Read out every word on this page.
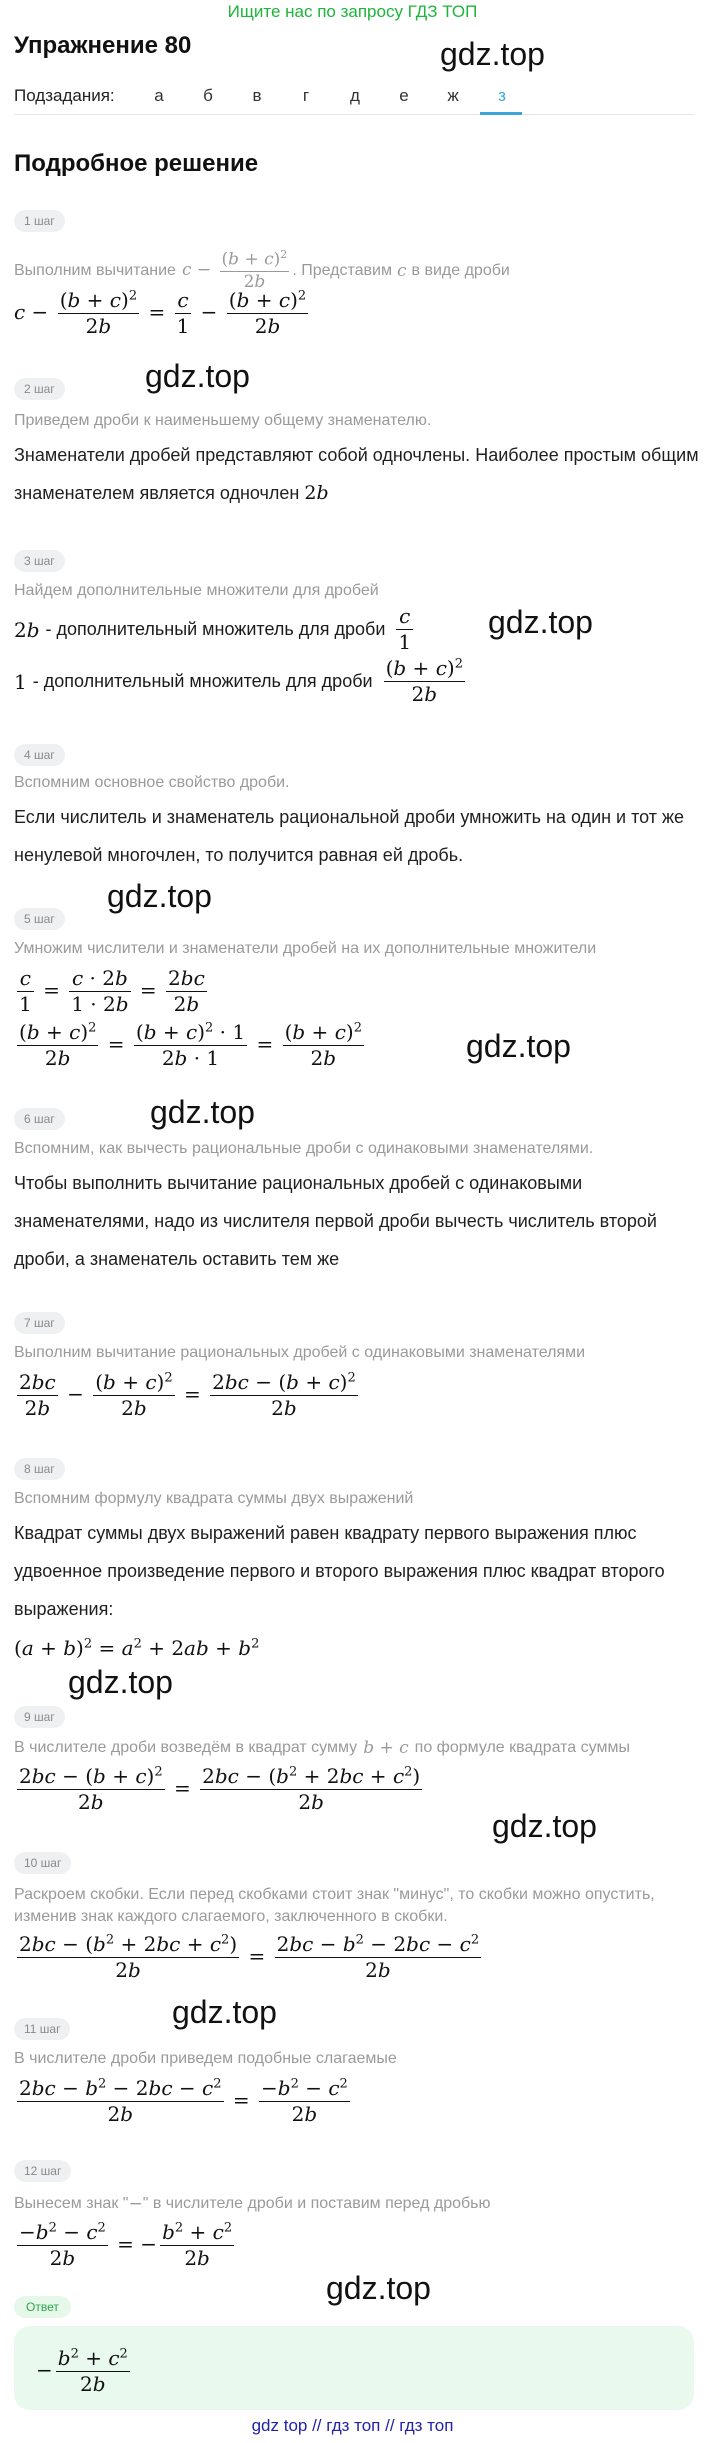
Ищите нас по запросу ГДЗ ТОП
Упражнение 80	gdz.top
Подзадания:	а	б	в	г	д	е	ж	з
Подробное решение
1 шаг
Выполним вычитание $c - \frac{(b + c)^2}{2b}$ . Представим c в виде дроби
$c - \frac{(b + c)^2}{2b} = \frac{c}{1} - \frac{(b + c)^2}{2b}$
gdz.top
2 шаг
Приведем дроби к наименьшему общему знаменателю.
Знаменатели дробей представляют собой одночлены. Наиболее простым общим знаменателем является одночлен 2b
3 шаг
Найдем дополнительные множители для дробей
2b - дополнительный множитель для дроби $\frac{c}{1} gdz.top$
1 - дополнительный множитель для дроби $\frac{(b + c)^2}{2b}$
4 шаг
Вспомним основное свойство дроби.
Если числитель и знаменатель рациональной дроби умножить на один и тот же ненулевой многочлен, то получится равная ей дробь.
gdz.top
5 шаг
Умножим числители и знаменатели дробей на их дополнительные множители
$\frac{c}{1} = \frac{c \cdot 2b}{1 \cdot 2b} = \frac{2bc}{2b}$
$\frac{(b + c)^2}{2b} = \frac{(b + c)^2 \cdot 1}{2b \cdot 1} = \frac{(b + c)^2}{2b}$	gdz.top
gdz.top
6 шаг
Вспомним, как вычесть рациональные дроби с одинаковыми знаменателями.
Чтобы выполнить вычитание рациональных дробей с одинаковыми знаменателями, надо из числителя первой дроби вычесть числитель второй дроби, а знаменатель оставить тем же
7 шаг
Выполним вычитание рациональных дробей с одинаковыми знаменателями
$\frac{2bc}{2b} - \frac{(b + c)^2}{2b} = \frac{2bc - (b + c)^2}{2b}$
8 шаг
Вспомним формулу квадрата суммы двух выражений
Квадрат суммы двух выражений равен квадрату первого выражения плюс удвоенное произведение первого и второго выражения плюс квадрат второго выражения:
$(a + b)^2 = a^2 + 2ab + b^2$
gdz.top
9 шаг
В числителе дроби возведём в квадрат сумму b + c по формуле квадрата суммы
$\frac{2bc - (b + c)^2}{2b} = \frac{2bc - (b^2 + 2bc + c^2)}{2b}$
gdz.top
10 шаг
Раскроем скобки. Если перед скобками стоит знак "минус", то скобки можно опустить, изменив знак каждого слагаемого, заключенного в скобки.
$\frac{2bc - (b^2 + 2bc + c^2)}{2b} = \frac{2bc - b^2 - 2bc - c^2}{2b}$
gdz.top
11 шаг
В числителе дроби приведем подобные слагаемые
$\frac{2bc - b^2 - 2bc - c^2}{2b} = \frac{-b^2 - c^2}{2b}$
12 шаг
Вынесем знак " − " в числителе дроби и поставим перед дробью
$\frac{-b^2 - c^2}{2b}$ = − $\frac{b^2 + c^2}{2b}$
gdz.top
Ответ
− $\frac{b^2 + c^2}{2b}$
gdz top // гдз топ // гдз топ
